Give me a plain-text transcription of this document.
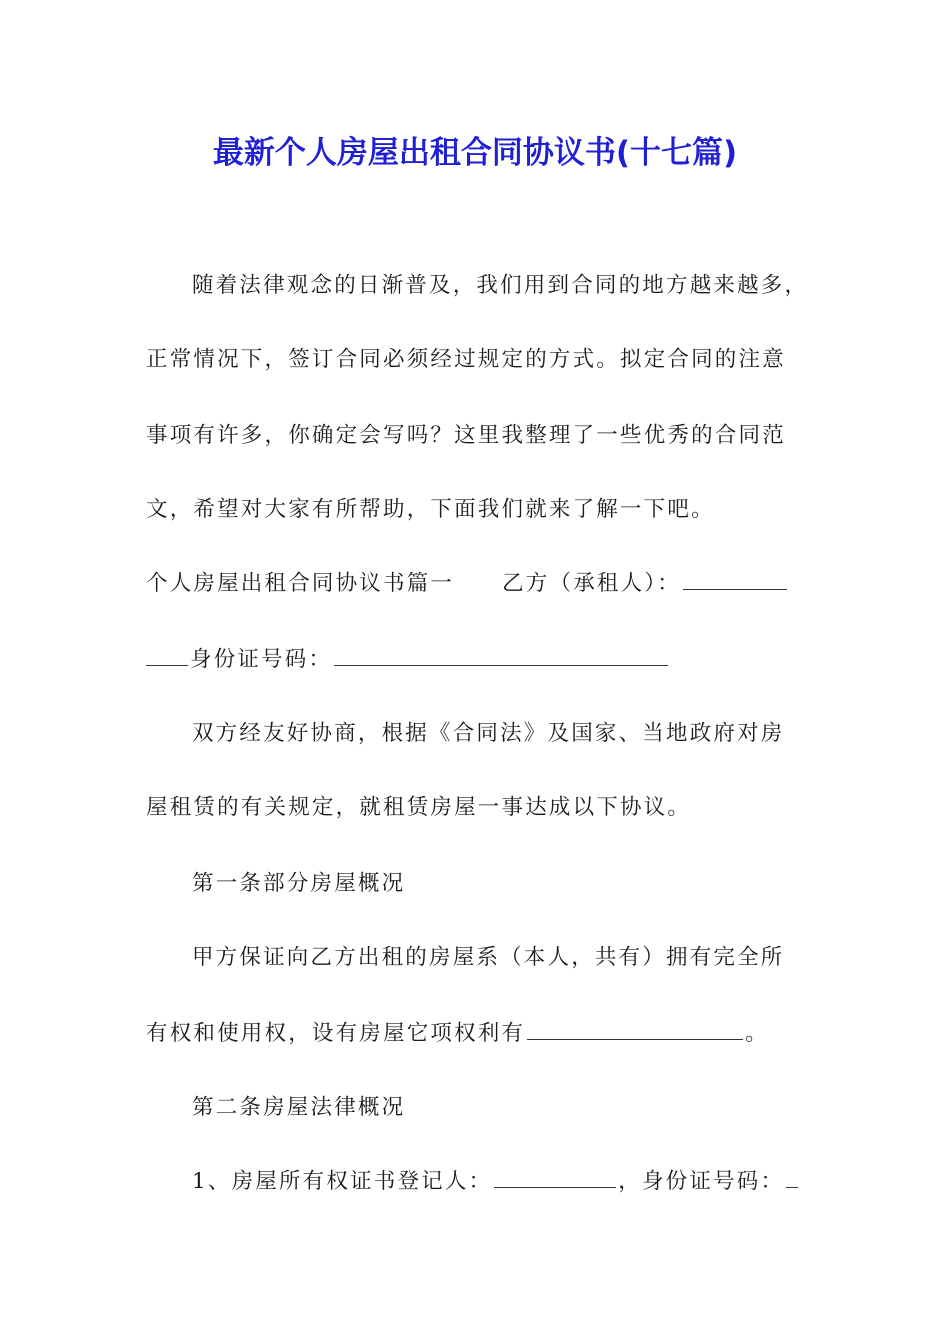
最新个人房屋出租合同协议书(十七篇)

随着法律观念的日渐普及，我们用到合同的地方越来越多，

正常情况下，签订合同必须经过规定的方式。拟定合同的注意

事项有许多，你确定会写吗？这里我整理了一些优秀的合同范

文，希望对大家有所帮助，下面我们就来了解一下吧。

个人房屋出租合同协议书篇一 乙方（承租人）：

身份证号码：

双方经友好协商，根据《合同法》及国家、当地政府对房

屋租赁的有关规定，就租赁房屋一事达成以下协议。

第一条部分房屋概况

甲方保证向乙方出租的房屋系（本人，共有）拥有完全所

有权和使用权，设有房屋它项权利有	。

第二条房屋法律概况

1、房屋所有权证书登记人：	，身份证号码：
